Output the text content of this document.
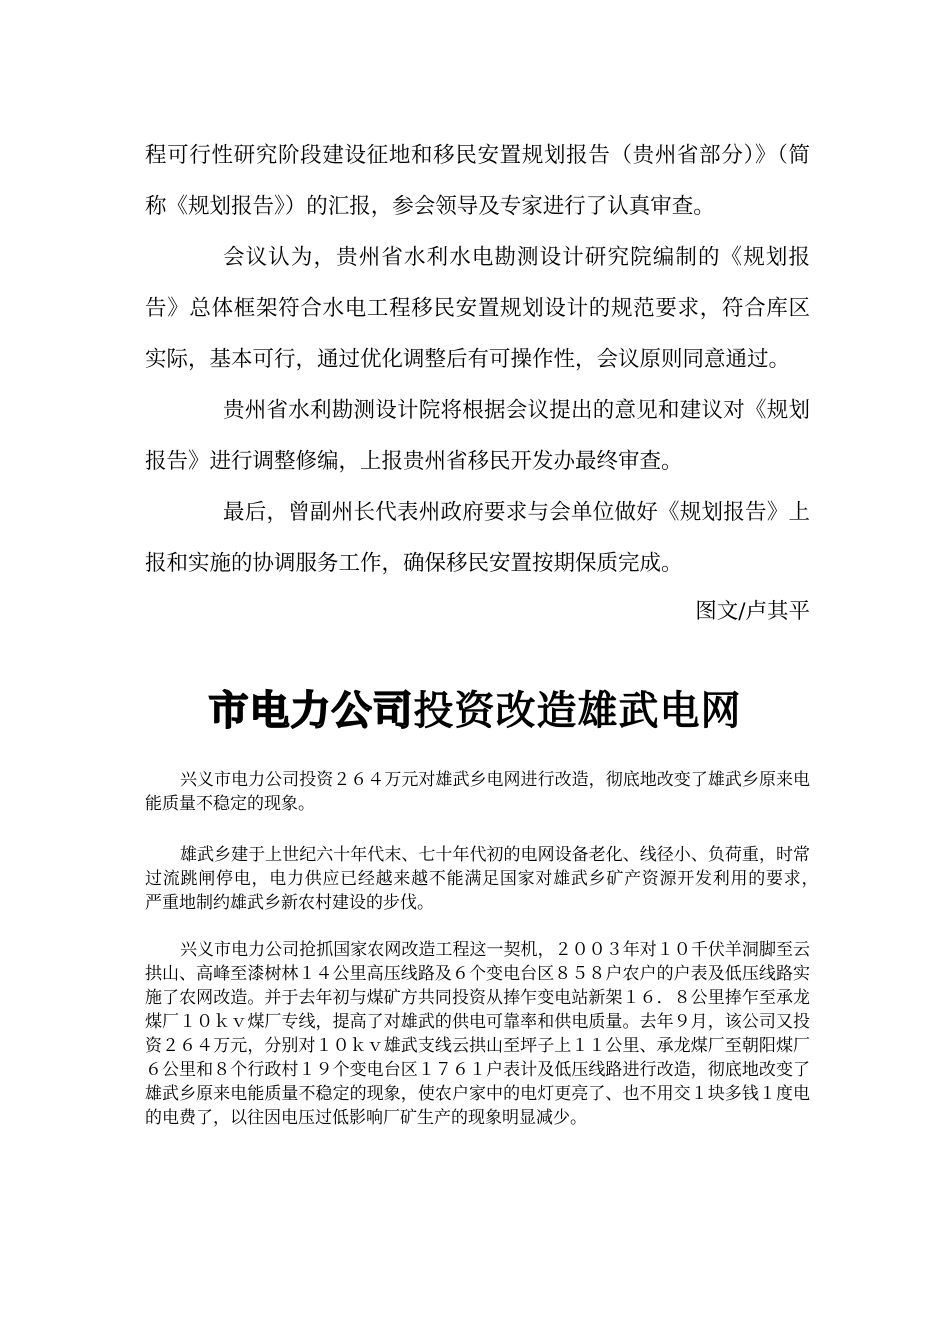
程可行性研究阶段建设征地和移民安置规划报告（贵州省部分）》（简称《规划报告》）的汇报，参会领导及专家进行了认真审查。

会议认为，贵州省水利水电勘测设计研究院编制的《规划报告》总体框架符合水电工程移民安置规划设计的规范要求，符合库区实际，基本可行，通过优化调整后有可操作性，会议原则同意通过。

贵州省水利勘测设计院将根据会议提出的意见和建议对《规划报告》进行调整修编，上报贵州省移民开发办最终审查。

最后，曾副州长代表州政府要求与会单位做好《规划报告》上报和实施的协调服务工作，确保移民安置按期保质完成。

图文/卢其平

市电力公司投资改造雄武电网

兴义市电力公司投资２６４万元对雄武乡电网进行改造，彻底地改变了雄武乡原来电能质量不稳定的现象。

雄武乡建于上世纪六十年代末、七十年代初的电网设备老化、线径小、负荷重，时常过流跳闸停电，电力供应已经越来越不能满足国家对雄武乡矿产资源开发利用的要求，　严重地制约雄武乡新农村建设的步伐。

兴义市电力公司抢抓国家农网改造工程这一契机，２００３年对１０千伏羊洞脚至云拱山、高峰至漆树林１４公里高压线路及６个变电台区８５８户农户的户表及低压线路实施了农网改造。并于去年初与煤矿方共同投资从捧乍变电站新架１６．８公里捧乍至承龙煤厂１０ｋｖ煤厂专线，提高了对雄武的供电可靠率和供电质量。去年９月，该公司又投资２６４万元，分别对１０ｋｖ雄武支线云拱山至坪子上１１公里、承龙煤厂至朝阳煤厂６公里和８个行政村１９个变电台区１７６１户表计及低压线路进行改造，彻底地改变了雄武乡原来电能质量不稳定的现象，使农户家中的电灯更亮了、也不用交１块多钱１度电的电费了，以往因电压过低影响厂矿生产的现象明显减少。
